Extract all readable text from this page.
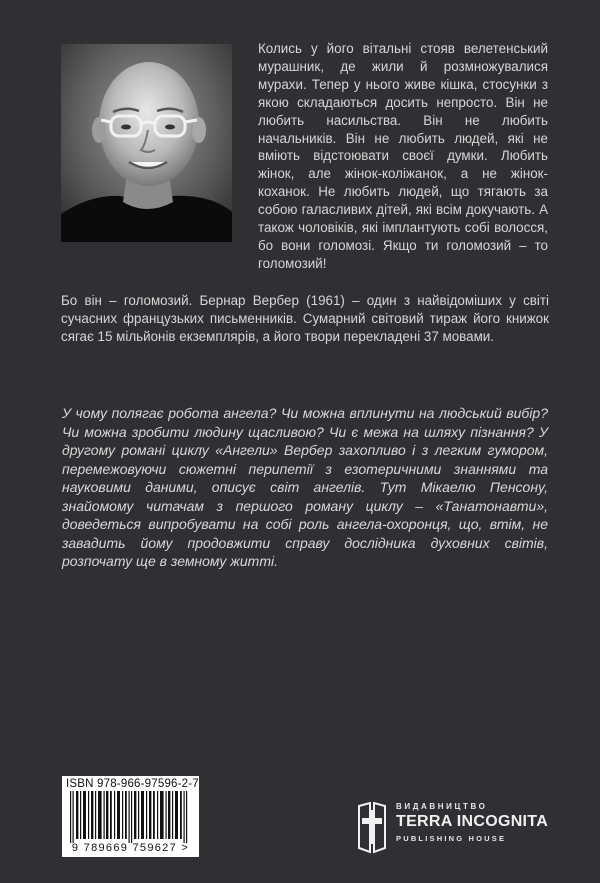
Колись у його вітальні стояв велетенський мурашник, де жили й розмножувалися мурахи. Тепер у нього живе кішка, стосунки з якою складаються досить непросто. Він не любить насильства. Він не любить начальників. Він не любить людей, які не вміють відстоювати своєї думки. Любить жінок, але жінок-коліжанок, а не жінок-коханок. Не любить людей, що тягають за собою галасливих дітей, які всім докучають. А також чоловіків, які імплантують собі волосся, бо вони голомозі. Якщо ти голомозий – то голомозий!
Бо він – голомозий. Бернар Вербер (1961) – один з найвідоміших у світі сучасних французьких письменників. Сумарний світовий тираж його книжок сягає 15 мільйонів екземплярів, а його твори перекладені 37 мовами.
У чому полягає робота ангела? Чи можна вплинути на людський вибір? Чи можна зробити людину щасливою? Чи є межа на шляху пізнання? У другому романі циклу «Ангели» Вербер захопливо і з легким гумором, перемежовуючи сюжетні перипетії з езотеричними знаннями та науковими даними, описує світ ангелів. Тут Мікаелю Пенсону, знайомому читачам з першого роману циклу – «Танатонавти», доведеться випробувати на собі роль ангела-охоронця, що, втім, не завадить йому продовжити справу дослідника духовних світів, розпочату ще в земному житті.
ISBN 978-966-97596-2-7
9 789669 759627 >
ВИДАВНИЦТВО
TERRA INCOGNITA
PUBLISHING HOUSE
